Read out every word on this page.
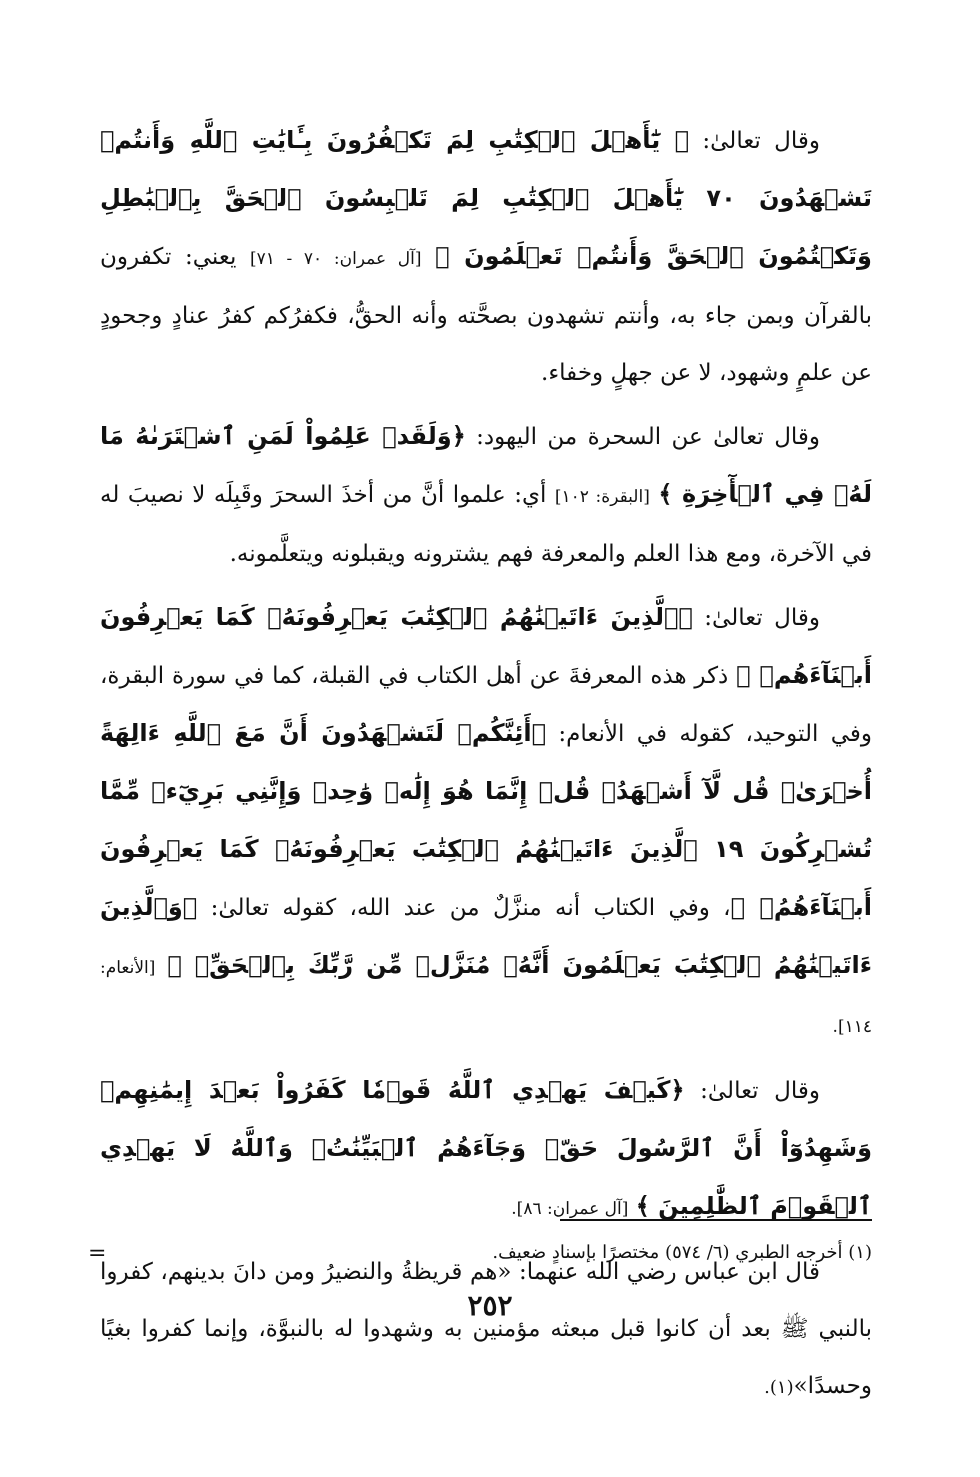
وقال تعالىٰ: ﴿ يَٰٓأَهۡلَ ٱلۡكِتَٰبِ لِمَ تَكۡفُرُونَ بِـَٔايَٰتِ ٱللَّهِ وَأَنتُمۡ تَشۡهَدُونَ ٧٠ يَٰٓأَهۡلَ ٱلۡكِتَٰبِ لِمَ تَلۡبِسُونَ ٱلۡحَقَّ بِٱلۡبَٰطِلِ وَتَكۡتُمُونَ ٱلۡحَقَّ وَأَنتُمۡ تَعۡلَمُونَ ﴾ [آل عمران: ٧٠ - ٧١] يعني: تكفرون بالقرآن وبمن جاء به، وأنتم تشهدون بصحَّته وأنه الحقُّ، فكفرُكم كفرُ عنادٍ وجحودٍ عن علمٍ وشهود، لا عن جهلٍ وخفاء.

وقال تعالىٰ عن السحرة من اليهود: ﴿وَلَقَدۡ عَلِمُواْ لَمَنِ ٱشۡتَرَىٰهُ مَا لَهُۥ فِي ٱلۡأٓخِرَةِ ﴾ [البقرة: ١٠٢] أي: علموا أنَّ من أخذَ السحرَ وقَبِلَه لا نصيبَ له في الآخرة، ومع هذا العلم والمعرفة فهم يشترونه ويقبلونه ويتعلَّمونه.

وقال تعالىٰ: ﴿ٱلَّذِينَ ءَاتَيۡنَٰهُمُ ٱلۡكِتَٰبَ يَعۡرِفُونَهُۥ كَمَا يَعۡرِفُونَ أَبۡنَآءَهُمۡ ﴾ ذكر هذه المعرفةَ عن أهل الكتاب في القبلة، كما في سورة البقرة، وفي التوحيد، كقوله في الأنعام: ﴿أَئِنَّكُمۡ لَتَشۡهَدُونَ أَنَّ مَعَ ٱللَّهِ ءَالِهَةً أُخۡرَىٰۚ قُل لَّآ أَشۡهَدُۚ قُلۡ إِنَّمَا هُوَ إِلَٰهٞ وَٰحِدٞ وَإِنَّنِي بَرِيٓءٞ مِّمَّا تُشۡرِكُونَ ١٩ ٱلَّذِينَ ءَاتَيۡنَٰهُمُ ٱلۡكِتَٰبَ يَعۡرِفُونَهُۥ كَمَا يَعۡرِفُونَ أَبۡنَآءَهُمُۘ ﴾، وفي الكتاب أنه منزَّلٌ من عند الله، كقوله تعالىٰ: ﴿وَٱلَّذِينَ ءَاتَيۡنَٰهُمُ ٱلۡكِتَٰبَ يَعۡلَمُونَ أَنَّهُۥ مُنَزَّلٞ مِّن رَّبِّكَ بِٱلۡحَقِّۖ ﴾ [الأنعام: ١١٤].

وقال تعالىٰ: ﴿كَيۡفَ يَهۡدِي ٱللَّهُ قَوۡمٗا كَفَرُواْ بَعۡدَ إِيمَٰنِهِمۡ وَشَهِدُوٓاْ أَنَّ ٱلرَّسُولَ حَقّٞ وَجَآءَهُمُ ٱلۡبَيِّنَٰتُۚ وَٱللَّهُ لَا يَهۡدِي ٱلۡقَوۡمَ ٱلظَّٰلِمِينَ ﴾ [آل عمران: ٨٦].

قال ابن عباس رضي الله عنهما: «هم قريظةُ والنضيرُ ومن دانَ بدينهم، كفروا بالنبي ﷺ بعد أن كانوا قبل مبعثه مؤمنين به وشهدوا له بالنبوَّة، وإنما كفروا بغيًا وحسدًا»(١).

=	(١) أخرجه الطبري (٦/ ٥٧٤) مختصرًا بإسنادٍ ضعيف.
٢٥٢
